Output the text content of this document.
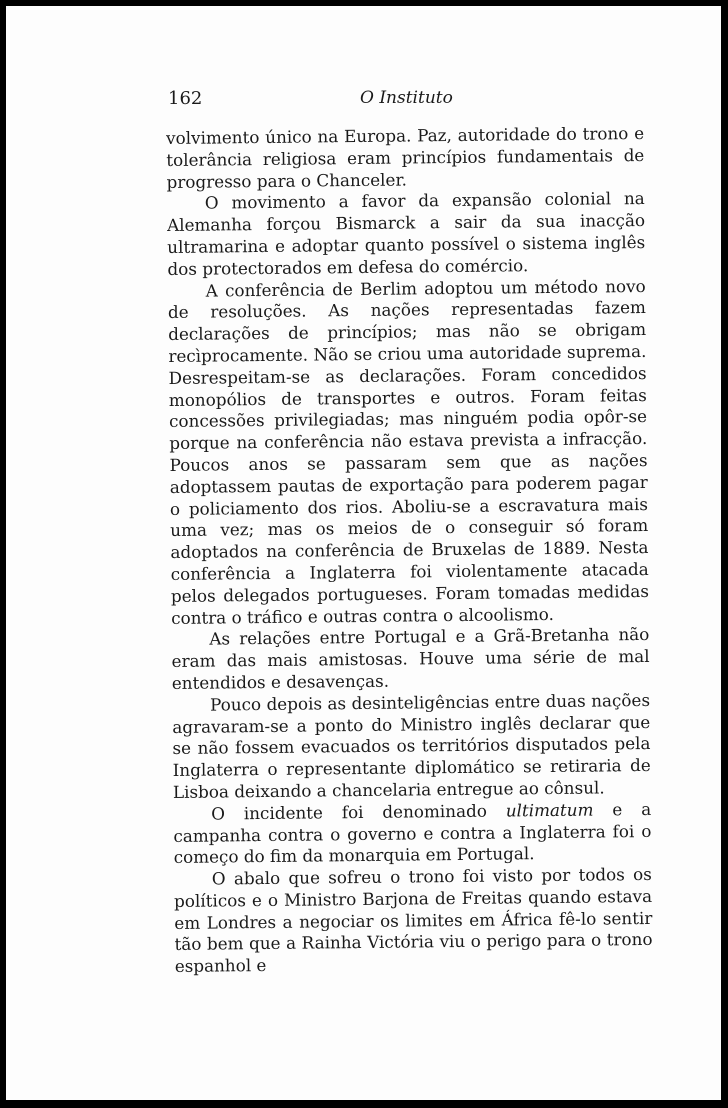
162	O Instituto

volvimento único na Europa. Paz, autoridade do trono e tolerância religiosa eram princípios fundamentais de progresso para o Chanceler.

O movimento a favor da expansão colonial na Alemanha forçou Bismarck a sair da sua inacção ultramarina e adoptar quanto possível o sistema inglês dos protectorados em defesa do comércio.

A conferência de Berlim adoptou um método novo de resoluções. As nações representadas fazem declarações de princípios; mas não se obrigam recìprocamente. Não se criou uma autoridade suprema. Desrespeitam-se as declarações. Foram concedidos monopólios de transportes e outros. Foram feitas concessões privilegiadas; mas ninguém podia opôr-se porque na conferência não estava prevista a infracção. Poucos anos se passaram sem que as nações adoptassem pautas de exportação para poderem pagar o policiamento dos rios. Aboliu-se a escravatura mais uma vez; mas os meios de o conseguir só foram adoptados na conferência de Bruxelas de 1889. Nesta conferência a Inglaterra foi violentamente atacada pelos delegados portugueses. Foram tomadas medidas contra o tráfico e outras contra o alcoolismo.

As relações entre Portugal e a Grã-Bretanha não eram das mais amistosas. Houve uma série de mal entendidos e desavenças.

Pouco depois as desinteligências entre duas nações agravaram-se a ponto do Ministro inglês declarar que se não fossem evacuados os territórios disputados pela Inglaterra o representante diplomático se retiraria de Lisboa deixando a chancelaria entregue ao cônsul.

O incidente foi denominado ultimatum e a campanha contra o governo e contra a Inglaterra foi o começo do fim da monarquia em Portugal.

O abalo que sofreu o trono foi visto por todos os políticos e o Ministro Barjona de Freitas quando estava em Londres a negociar os limites em África fê-lo sentir tão bem que a Rainha Victória viu o perigo para o trono espanhol e
